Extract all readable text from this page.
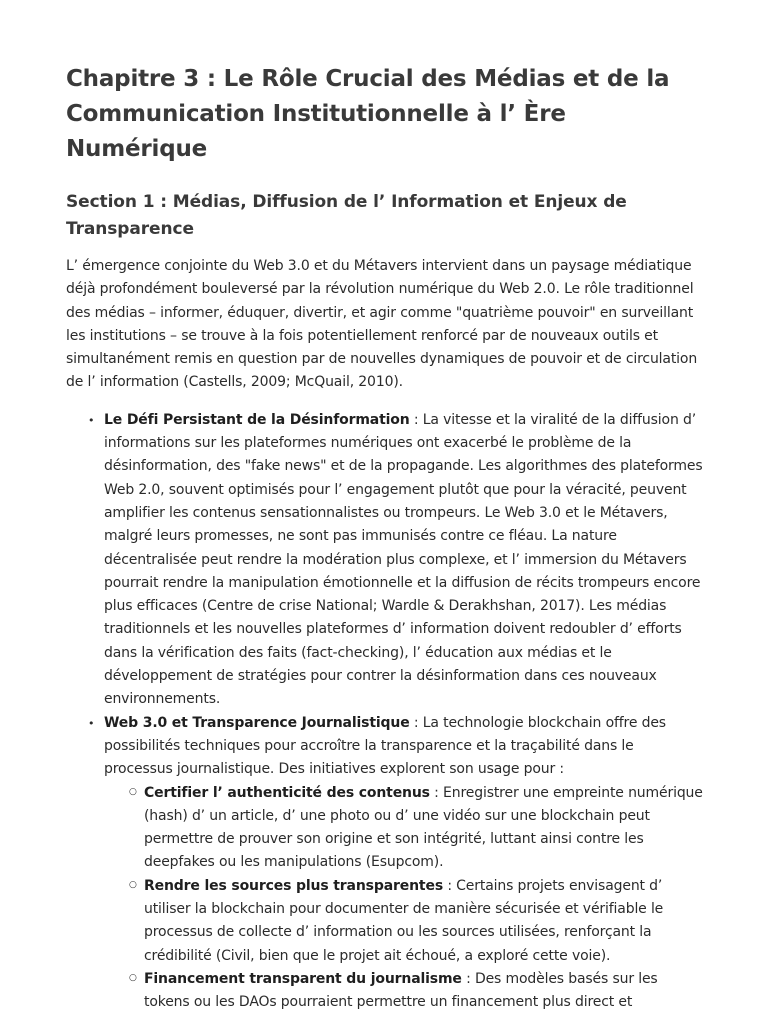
Chapitre 3 : Le Rôle Crucial des Médias et de la Communication Institutionnelle à l’ Ère Numérique
Section 1 : Médias, Diffusion de l’ Information et Enjeux de Transparence

L’ émergence conjointe du Web 3.0 et du Métavers intervient dans un paysage médiatique déjà profondément bouleversé par la révolution numérique du Web 2.0. Le rôle traditionnel des médias – informer, éduquer, divertir, et agir comme "quatrième pouvoir" en surveillant les institutions – se trouve à la fois potentiellement renforcé par de nouveaux outils et simultanément remis en question par de nouvelles dynamiques de pouvoir et de circulation de l’ information (Castells, 2009; McQuail, 2010).

• Le Défi Persistant de la Désinformation : La vitesse et la viralité de la diffusion d’ informations sur les plateformes numériques ont exacerbé le problème de la désinformation, des "fake news" et de la propagande. Les algorithmes des plateformes Web 2.0, souvent optimisés pour l’ engagement plutôt que pour la véracité, peuvent amplifier les contenus sensationnalistes ou trompeurs. Le Web 3.0 et le Métavers, malgré leurs promesses, ne sont pas immunisés contre ce fléau. La nature décentralisée peut rendre la modération plus complexe, et l’ immersion du Métavers pourrait rendre la manipulation émotionnelle et la diffusion de récits trompeurs encore plus efficaces (Centre de crise National; Wardle & Derakhshan, 2017). Les médias traditionnels et les nouvelles plateformes d’ information doivent redoubler d’ efforts dans la vérification des faits (fact-checking), l’ éducation aux médias et le développement de stratégies pour contrer la désinformation dans ces nouveaux environnements.
• Web 3.0 et Transparence Journalistique : La technologie blockchain offre des possibilités techniques pour accroître la transparence et la traçabilité dans le processus journalistique. Des initiatives explorent son usage pour :
○ Certifier l’ authenticité des contenus : Enregistrer une empreinte numérique (hash) d’ un article, d’ une photo ou d’ une vidéo sur une blockchain peut permettre de prouver son origine et son intégrité, luttant ainsi contre les deepfakes ou les manipulations (Esupcom).
○ Rendre les sources plus transparentes : Certains projets envisagent d’ utiliser la blockchain pour documenter de manière sécurisée et vérifiable le processus de collecte d’ information ou les sources utilisées, renforçant la crédibilité (Civil, bien que le projet ait échoué, a exploré cette voie).
○ Financement transparent du journalisme : Des modèles basés sur les tokens ou les DAOs pourraient permettre un financement plus direct et
